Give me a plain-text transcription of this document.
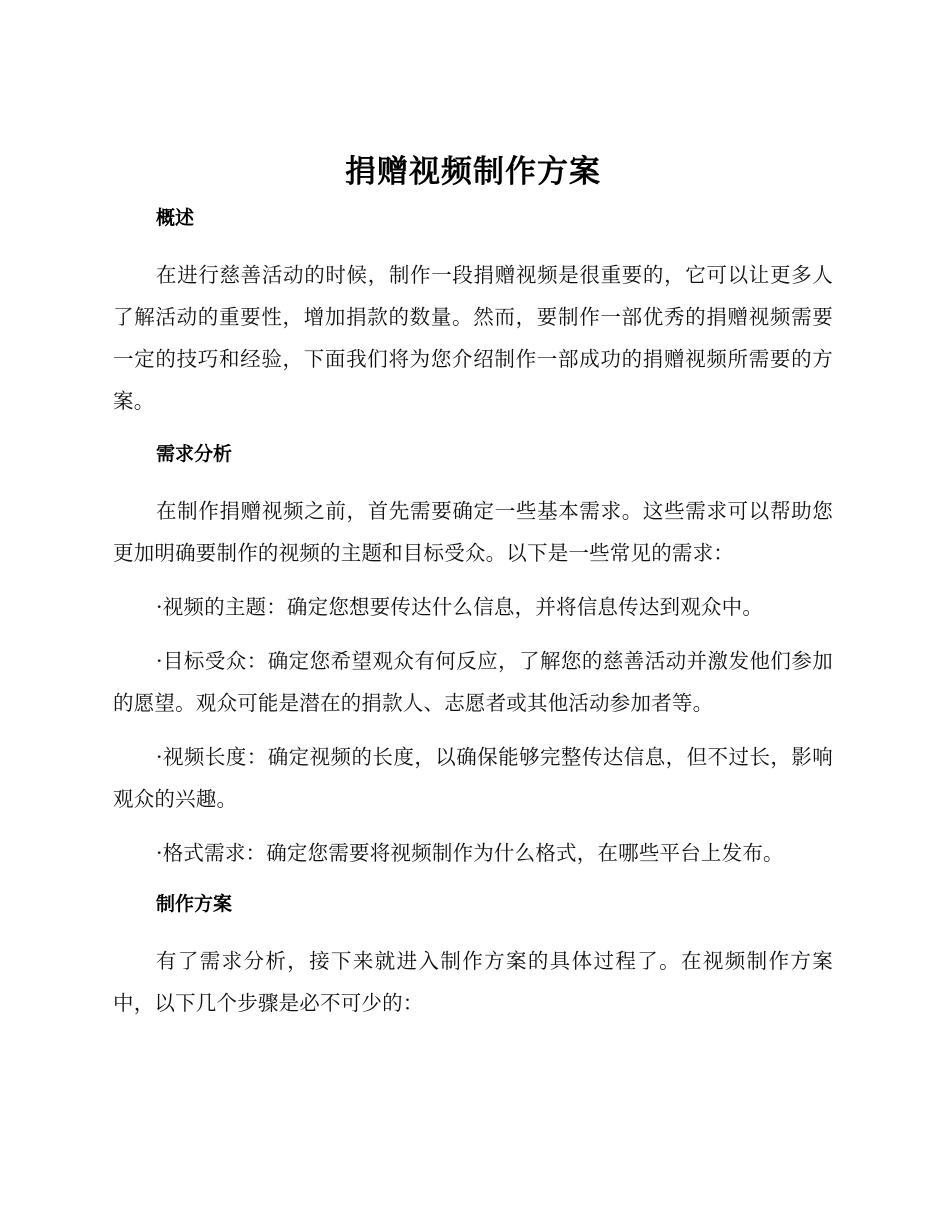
捐赠视频制作方案
概述

在进行慈善活动的时候，制作一段捐赠视频是很重要的，它可以让更多人了解活动的重要性，增加捐款的数量。然而，要制作一部优秀的捐赠视频需要一定的技巧和经验，下面我们将为您介绍制作一部成功的捐赠视频所需要的方案。

需求分析

在制作捐赠视频之前，首先需要确定一些基本需求。这些需求可以帮助您更加明确要制作的视频的主题和目标受众。以下是一些常见的需求：

·视频的主题：确定您想要传达什么信息，并将信息传达到观众中。

·目标受众：确定您希望观众有何反应，了解您的慈善活动并激发他们参加的愿望。观众可能是潜在的捐款人、志愿者或其他活动参加者等。

·视频长度：确定视频的长度，以确保能够完整传达信息，但不过长，影响观众的兴趣。

·格式需求：确定您需要将视频制作为什么格式，在哪些平台上发布。

制作方案

有了需求分析，接下来就进入制作方案的具体过程了。在视频制作方案中，以下几个步骤是必不可少的：
